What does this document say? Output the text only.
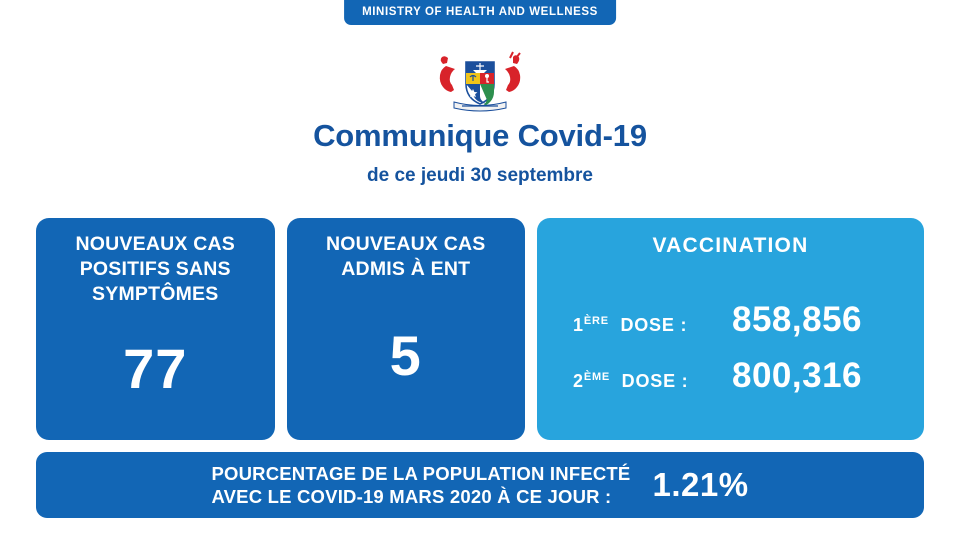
MINISTRY OF HEALTH AND WELLNESS
Communique Covid-19
de ce jeudi 30 septembre
NOUVEAUX CAS POSITIFS SANS SYMPTÔMES
77
NOUVEAUX CAS ADMIS À ENT
5
VACCINATION
1ÈRE DOSE :	858,856
2ÈME DOSE :	800,316
POURCENTAGE DE LA POPULATION INFECTÉ
AVEC LE COVID-19 MARS 2020 À CE JOUR :	1.21%
